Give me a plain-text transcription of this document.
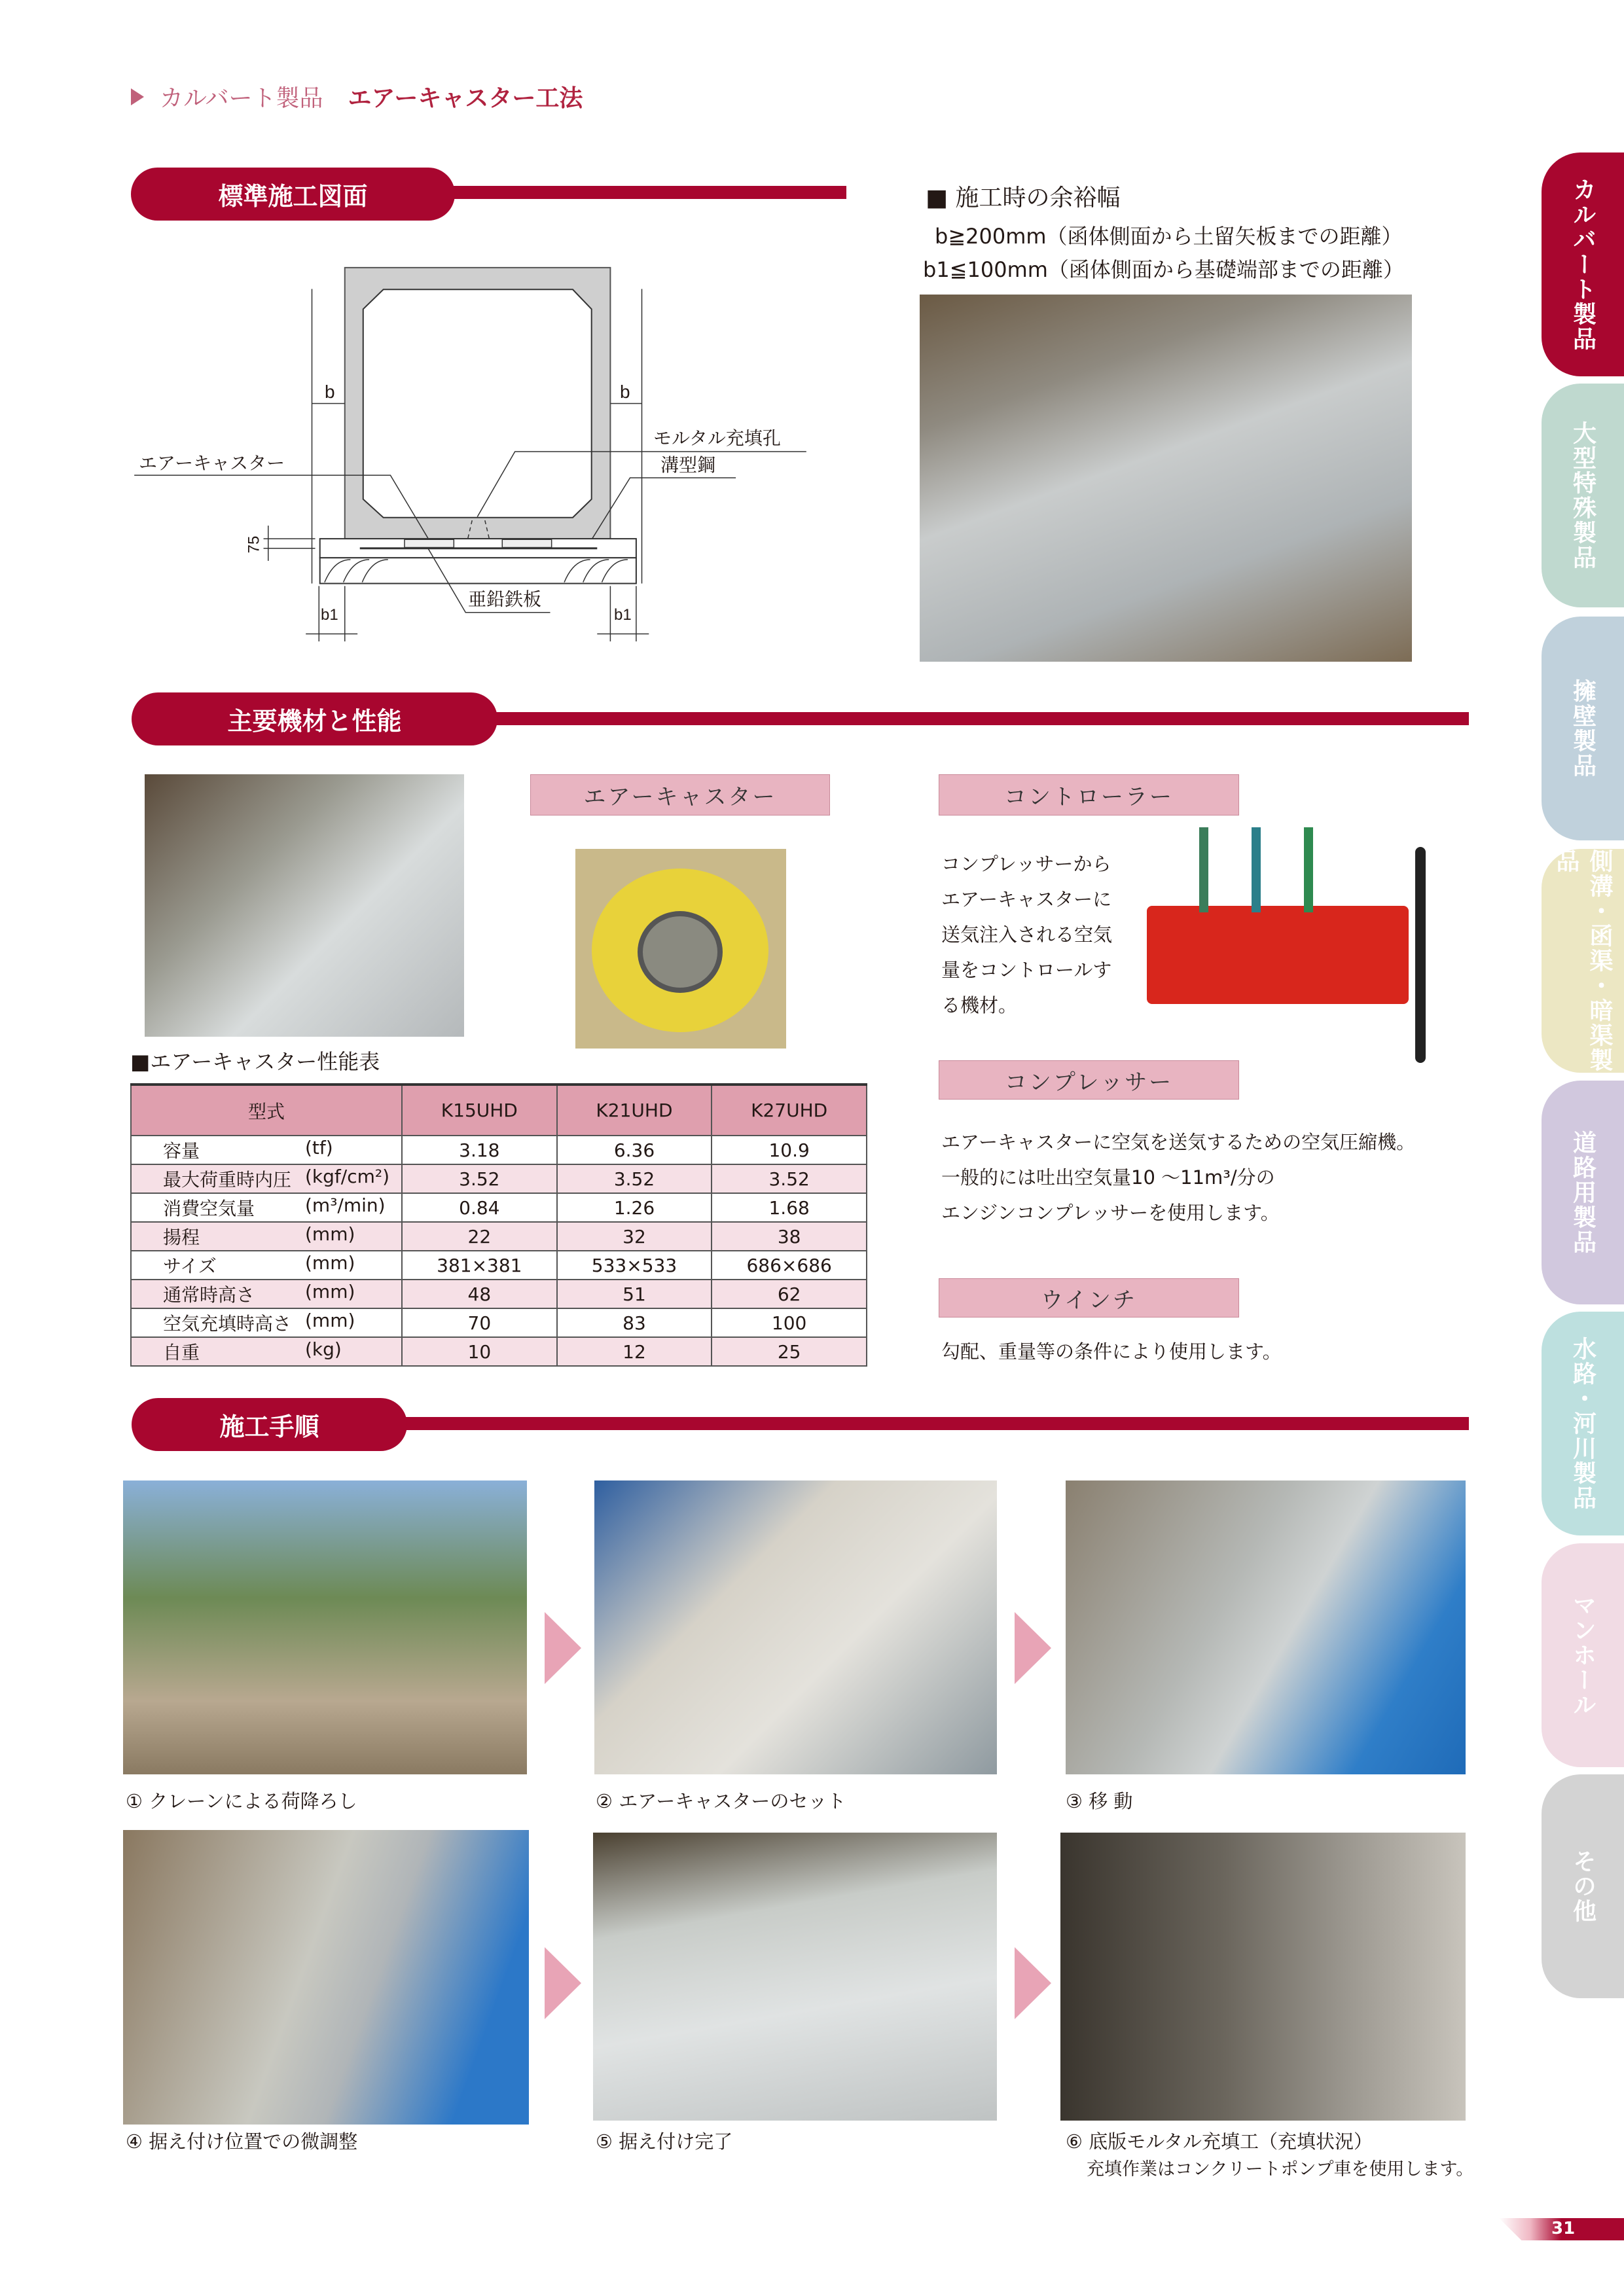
カルバート製品 エアーキャスター工法
標準施工図面
b	b
b1	b1
75
エアーキャスター
モルタル充填孔
溝型鋼
亜鉛鉄板
■ 施工時の余裕幅
b≧200mm（函体側面から土留矢板までの距離）
b1≦100mm（函体側面から基礎端部までの距離）
主要機材と性能
エアーキャスター	コントローラー
コンプレッサーから
エアーキャスターに
送気注入される空気
量をコントロールす
る機材。
コンプレッサー
エアーキャスターに空気を送気するための空気圧縮機。
一般的には吐出空気量10 ～11m³/分の
エンジンコンプレッサーを使用します。
ウインチ
勾配、重量等の条件により使用します。
■エアーキャスター性能表
型式	K15UHD	K21UHD	K27UHD
容量 (tf)	3.18	6.36	10.9
最大荷重時内圧 (kgf/cm²)	3.52	3.52	3.52
消費空気量 (m³/min)	0.84	1.26	1.68
揚程 (mm)	22	32	38
サイズ (mm)	381×381	533×533	686×686
通常時高さ (mm)	48	51	62
空気充填時高さ (mm)	70	83	100
自重 (kg)	10	12	25
施工手順
① クレーンによる荷降ろし	② エアーキャスターのセット	③ 移 動
④ 据え付け位置での微調整	⑤ 据え付け完了	⑥ 底版モルタル充填工（充填状況）
充填作業はコンクリートポンプ車を使用します。
カルバート製品
大型特殊製品
擁壁製品
側溝・函渠・暗渠製品
道路用製品
水路・河川製品
マンホール
その他
31
